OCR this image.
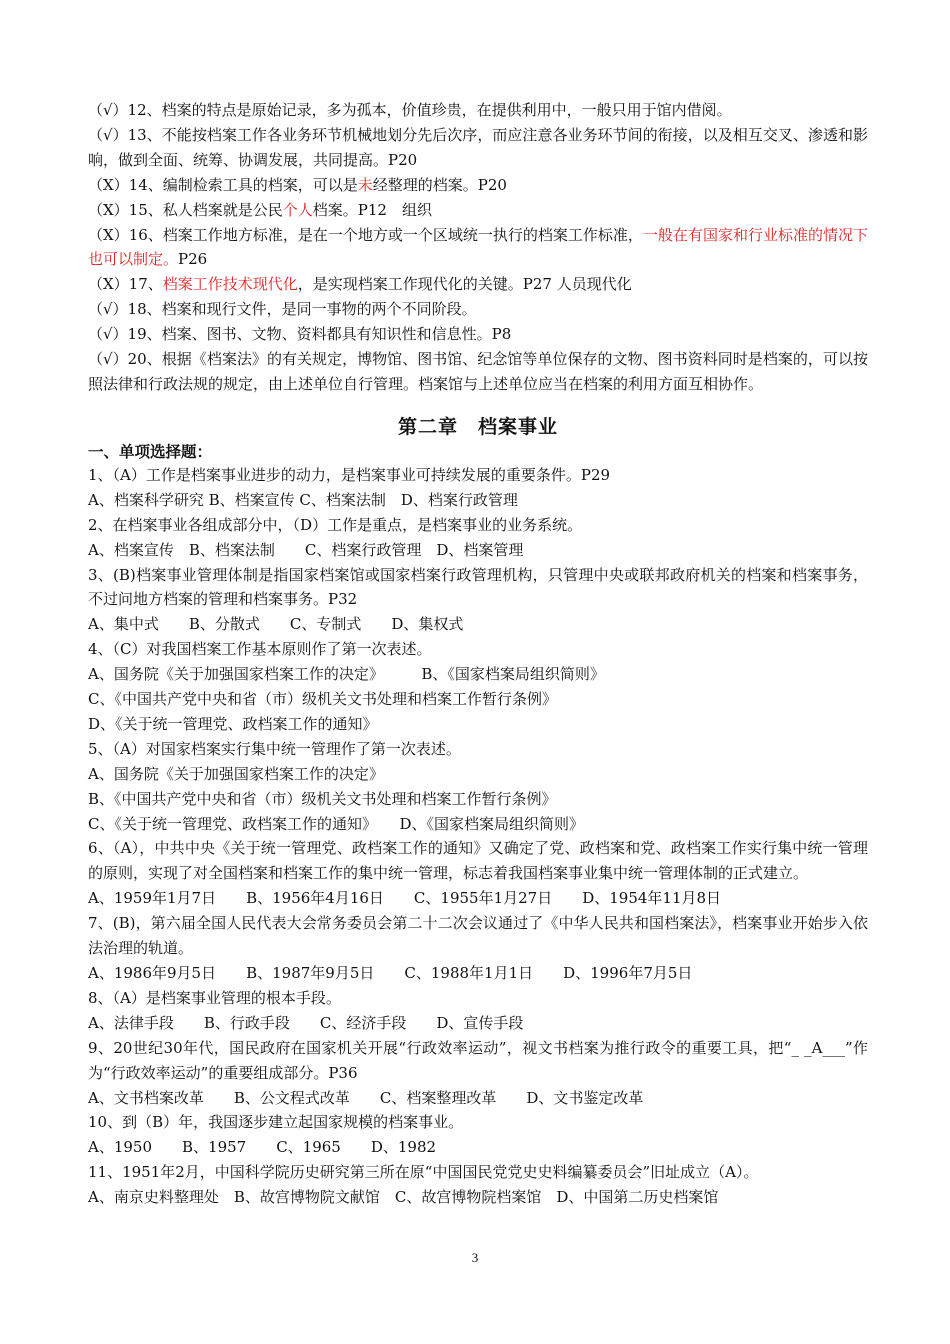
（√）12、档案的特点是原始记录，多为孤本，价值珍贵，在提供利用中，一般只用于馆内借阅。
（√）13、不能按档案工作各业务环节机械地划分先后次序，而应注意各业务环节间的衔接，以及相互交叉、渗透和影响，做到全面、统筹、协调发展，共同提高。P20
（X）14、编制检索工具的档案，可以是未经整理的档案。P20
（X）15、私人档案就是公民个人档案。P12　组织
（X）16、档案工作地方标准，是在一个地方或一个区域统一执行的档案工作标准，一般在有国家和行业标准的情况下也可以制定。P26
（X）17、档案工作技术现代化，是实现档案工作现代化的关键。P27 人员现代化
（√）18、档案和现行文件，是同一事物的两个不同阶段。
（√）19、档案、图书、文物、资料都具有知识性和信息性。P8
（√）20、根据《档案法》的有关规定，博物馆、图书馆、纪念馆等单位保存的文物、图书资料同时是档案的，可以按照法律和行政法规的规定，由上述单位自行管理。档案馆与上述单位应当在档案的利用方面互相协作。
第二章　档案事业
一、单项选择题：
1、（A）工作是档案事业进步的动力，是档案事业可持续发展的重要条件。P29
A、档案科学研究 B、档案宣传 C、档案法制　D、档案行政管理
2、在档案事业各组成部分中，（D）工作是重点，是档案事业的业务系统。
A、档案宣传　B、档案法制　　C、档案行政管理　D、档案管理
3、(B)档案事业管理体制是指国家档案馆或国家档案行政管理机构，只管理中央或联邦政府机关的档案和档案事务，不过问地方档案的管理和档案事务。P32
A、集中式　　B、分散式　　C、专制式　　D、集权式
4、（C）对我国档案工作基本原则作了第一次表述。
A、国务院《关于加强国家档案工作的决定》　　　B、《国家档案局组织简则》
C、《中国共产党中央和省（市）级机关文书处理和档案工作暂行条例》
D、《关于统一管理党、政档案工作的通知》
5、（A）对国家档案实行集中统一管理作了第一次表述。
A、国务院《关于加强国家档案工作的决定》
B、《中国共产党中央和省（市）级机关文书处理和档案工作暂行条例》
C、《关于统一管理党、政档案工作的通知》　　D、《国家档案局组织简则》
6、（A），中共中央《关于统一管理党、政档案工作的通知》又确定了党、政档案和党、政档案工作实行集中统一管理的原则，实现了对全国档案和档案工作的集中统一管理，标志着我国档案事业集中统一管理体制的正式建立。
A、1959年1月7日　　B、1956年4月16日　　C、1955年1月27日　　D、1954年11月8日
7、(B)，第六届全国人民代表大会常务委员会第二十二次会议通过了《中华人民共和国档案法》，档案事业开始步入依法治理的轨道。
A、1986年9月5日　　B、1987年9月5日　　C、1988年1月1日　　D、1996年7月5日
8、（A）是档案事业管理的根本手段。
A、法律手段　　B、行政手段　　C、经济手段　　D、宣传手段
9、20世纪30年代，国民政府在国家机关开展“行政效率运动”，视文书档案为推行政令的重要工具，把“_ _A___”作为“行政效率运动”的重要组成部分。P36
A、文书档案改革　　B、公文程式改革　　C、档案整理改革　　D、文书鉴定改革
10、到（B）年，我国逐步建立起国家规模的档案事业。
A、1950　　B、1957　　C、1965　　D、1982
11、1951年2月，中国科学院历史研究第三所在原“中国国民党党史史料编纂委员会”旧址成立（A）。
A、南京史料整理处　B、故宫博物院文献馆　C、故宫博物院档案馆　D、中国第二历史档案馆
3
